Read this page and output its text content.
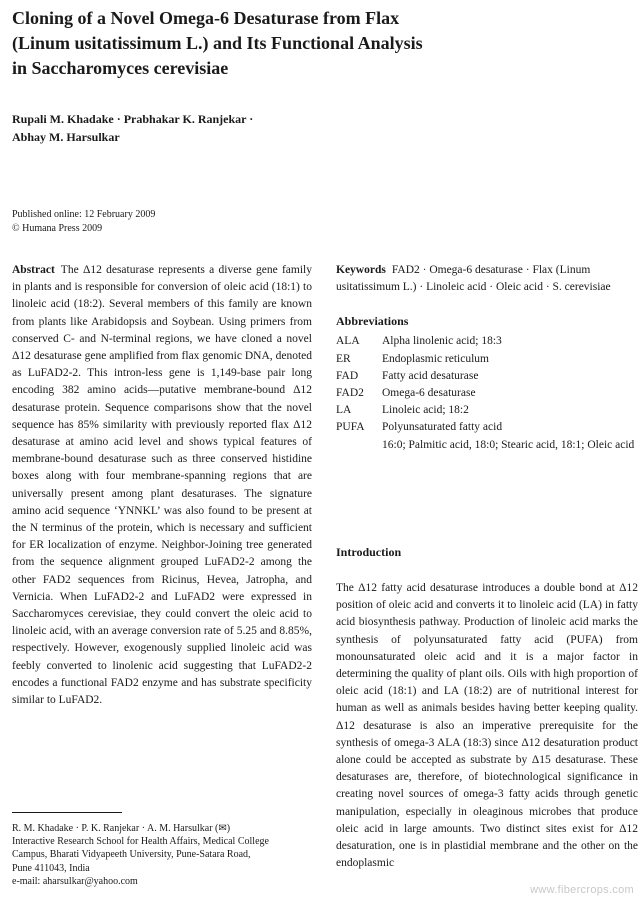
Cloning of a Novel Omega-6 Desaturase from Flax
(Linum usitatissimum L.) and Its Functional Analysis
in Saccharomyces cerevisiae
Rupali M. Khadake · Prabhakar K. Ranjekar ·
Abhay M. Harsulkar
Published online: 12 February 2009
© Humana Press 2009

Abstract The Δ12 desaturase represents a diverse gene family in plants and is responsible for conversion of oleic acid (18:1) to linoleic acid (18:2). Several members of this family are known from plants like Arabidopsis and Soybean. Using primers from conserved C- and N-terminal regions, we have cloned a novel Δ12 desaturase gene amplified from flax genomic DNA, denoted as LuFAD2-2. This intron-less gene is 1,149-base pair long encoding 382 amino acids—putative membrane-bound Δ12 desaturase protein. Sequence comparisons show that the novel sequence has 85% similarity with previously reported flax Δ12 desaturase at amino acid level and shows typical features of membrane-bound desaturase such as three conserved histidine boxes along with four membrane-spanning regions that are universally present among plant desaturases. The signature amino acid sequence ‘YNNKL’ was also found to be present at the N terminus of the protein, which is necessary and sufficient for ER localization of enzyme. Neighbor-Joining tree generated from the sequence alignment grouped LuFAD2-2 among the other FAD2 sequences from Ricinus, Hevea, Jatropha, and Vernicia. When LuFAD2-2 and LuFAD2 were expressed in Saccharomyces cerevisiae, they could convert the oleic acid to linoleic acid, with an average conversion rate of 5.25 and 8.85%, respectively. However, exogenously supplied linoleic acid was feebly converted to linolenic acid suggesting that LuFAD2-2 encodes a functional FAD2 enzyme and has substrate specificity similar to LuFAD2.

Keywords FAD2 · Omega-6 desaturase · Flax (Linum usitatissimum L.) · Linoleic acid · Oleic acid · S. cerevisiae

Abbreviations

ALA	Alpha linolenic acid; 18:3
ER	Endoplasmic reticulum
FAD	Fatty acid desaturase
FAD2	Omega-6 desaturase
LA	Linoleic acid; 18:2
PUFA	Polyunsaturated fatty acid
16:0; Palmitic acid, 18:0; Stearic acid, 18:1; Oleic acid

Introduction

The Δ12 fatty acid desaturase introduces a double bond at Δ12 position of oleic acid and converts it to linoleic acid (LA) in fatty acid biosynthesis pathway. Production of linoleic acid marks the synthesis of polyunsaturated fatty acid (PUFA) from monounsaturated oleic acid and it is a major factor in determining the quality of plant oils. Oils with high proportion of oleic acid (18:1) and LA (18:2) are of nutritional interest for human as well as animals besides having better keeping quality. Δ12 desaturase is also an imperative prerequisite for the synthesis of omega-3 ALA (18:3) since Δ12 desaturation product alone could be accepted as substrate by Δ15 desaturase. These desaturases are, therefore, of biotechnological significance in creating novel sources of omega-3 fatty acids through genetic manipulation, especially in oleaginous microbes that produce oleic acid in large amounts. Two distinct sites exist for Δ12 desaturation, one is in plastidial membrane and the other on the endoplasmic

R. M. Khadake · P. K. Ranjekar · A. M. Harsulkar (✉)
Interactive Research School for Health Affairs, Medical College
Campus, Bharati Vidyapeeth University, Pune-Satara Road,
Pune 411043, India
e-mail: aharsulkar@yahoo.com
www.fibercrops.com
